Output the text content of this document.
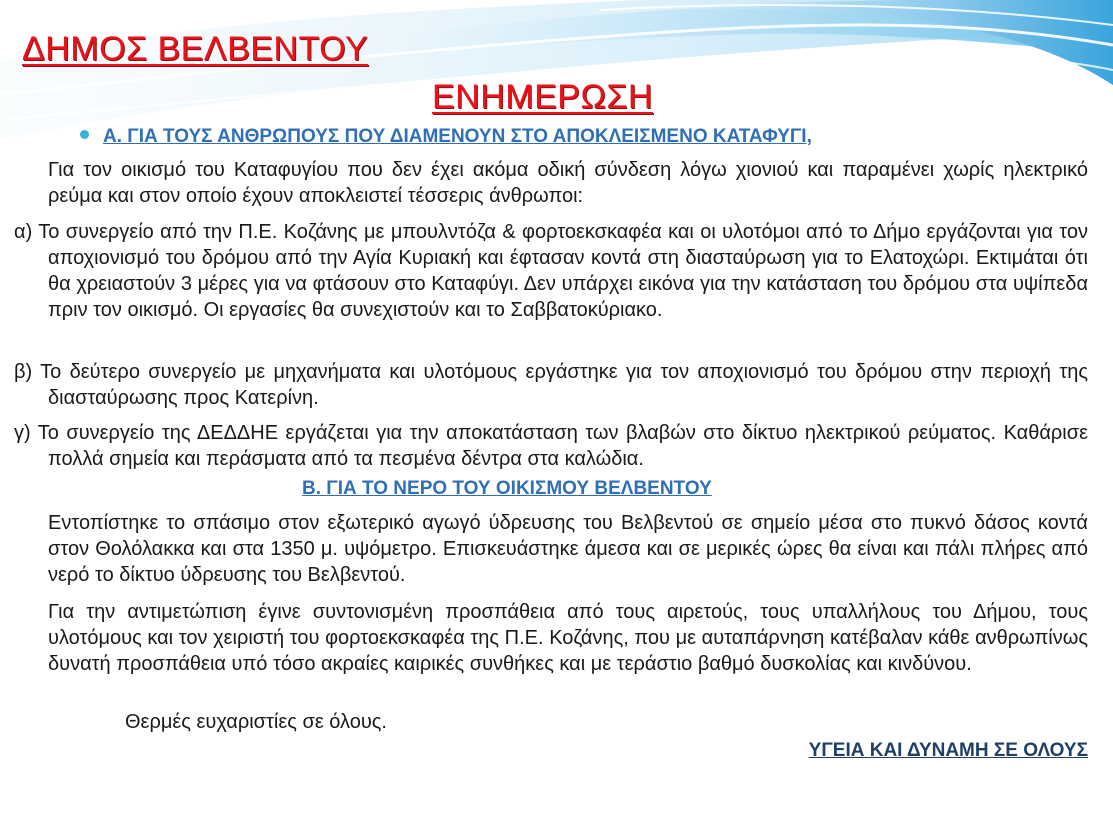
ΔΗΜΟΣ ΒΕΛΒΕΝΤΟΥ
ΕΝΗΜΕΡΩΣΗ
Α. ΓΙΑ ΤΟΥΣ ΑΝΘΡΩΠΟΥΣ ΠΟΥ ΔΙΑΜΕΝΟΥΝ ΣΤΟ ΑΠΟΚΛΕΙΣΜΕΝΟ ΚΑΤΑΦΥΓΙ,

Για τον οικισμό του Καταφυγίου που δεν έχει ακόμα οδική σύνδεση λόγω χιονιού και παραμένει χωρίς ηλεκτρικό ρεύμα και στον οποίο έχουν αποκλειστεί τέσσερις άνθρωποι:

α) Το συνεργείο από την Π.Ε. Κοζάνης με μπουλντόζα & φορτοεκσκαφέα και οι υλοτόμοι από το Δήμο εργάζονται για τον αποχιονισμό του δρόμου από την Αγία Κυριακή και έφτασαν κοντά στη διασταύρωση για το Ελατοχώρι. Εκτιμάται ότι θα χρειαστούν 3 μέρες για να φτάσουν στο Καταφύγι. Δεν υπάρχει εικόνα για την κατάσταση του δρόμου στα υψίπεδα πριν τον οικισμό. Οι εργασίες θα συνεχιστούν και το Σαββατοκύριακο.

β) Το δεύτερο συνεργείο με μηχανήματα και υλοτόμους εργάστηκε για τον αποχιονισμό του δρόμου στην περιοχή της διασταύρωσης προς Κατερίνη.

γ) Το συνεργείο της ΔΕΔΔΗΕ εργάζεται για την αποκατάσταση των βλαβών στο δίκτυο ηλεκτρικού ρεύματος. Καθάρισε πολλά σημεία και περάσματα από τα πεσμένα δέντρα στα καλώδια.

Β. ΓΙΑ ΤΟ ΝΕΡΟ ΤΟΥ ΟΙΚΙΣΜΟΥ ΒΕΛΒΕΝΤΟΥ

Εντοπίστηκε το σπάσιμο στον εξωτερικό αγωγό ύδρευσης του Βελβεντού σε σημείο μέσα στο πυκνό δάσος κοντά στον Θολόλακκα και στα 1350 μ. υψόμετρο. Επισκευάστηκε άμεσα και σε μερικές ώρες θα είναι και πάλι πλήρες από νερό το δίκτυο ύδρευσης του Βελβεντού.

Για την αντιμετώπιση έγινε συντονισμένη προσπάθεια από τους αιρετούς, τους υπαλλήλους του Δήμου, τους υλοτόμους και τον χειριστή του φορτοεκσκαφέα της Π.Ε. Κοζάνης, που με αυταπάρνηση κατέβαλαν κάθε ανθρωπίνως δυνατή προσπάθεια υπό τόσο ακραίες καιρικές συνθήκες και με τεράστιο βαθμό δυσκολίας και κινδύνου.

Θερμές ευχαριστίες σε όλους.
ΥΓΕΙΑ ΚΑΙ ΔΥΝΑΜΗ ΣΕ ΟΛΟΥΣ
